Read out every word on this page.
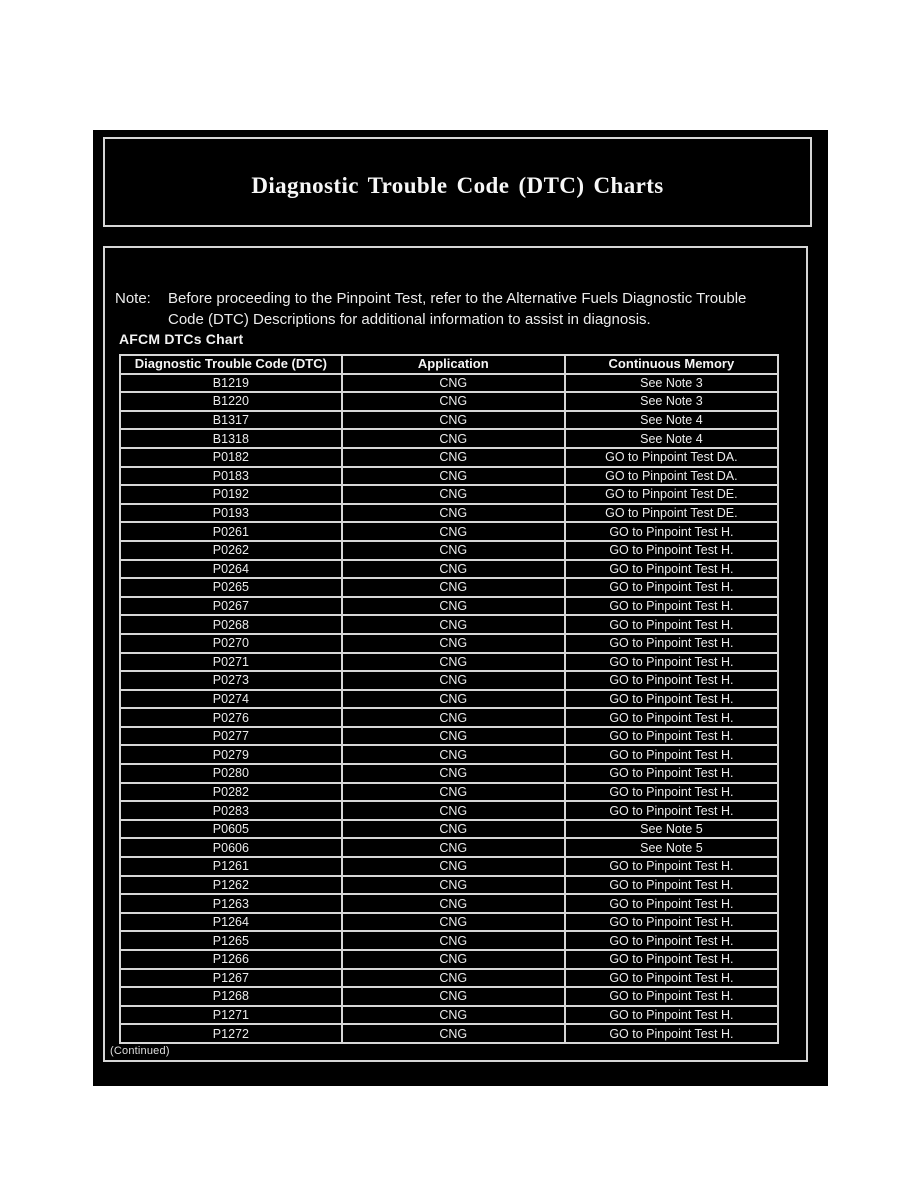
Diagnostic Trouble Code (DTC) Charts
Note:	Before proceeding to the Pinpoint Test, refer to the Alternative Fuels Diagnostic Trouble
Code (DTC) Descriptions for additional information to assist in diagnosis.
AFCM DTCs Chart
Diagnostic Trouble Code (DTC)	Application	Continuous Memory
B1219	CNG	See Note 3
B1220	CNG	See Note 3
B1317	CNG	See Note 4
B1318	CNG	See Note 4
P0182	CNG	GO to Pinpoint Test DA.
P0183	CNG	GO to Pinpoint Test DA.
P0192	CNG	GO to Pinpoint Test DE.
P0193	CNG	GO to Pinpoint Test DE.
P0261	CNG	GO to Pinpoint Test H.
P0262	CNG	GO to Pinpoint Test H.
P0264	CNG	GO to Pinpoint Test H.
P0265	CNG	GO to Pinpoint Test H.
P0267	CNG	GO to Pinpoint Test H.
P0268	CNG	GO to Pinpoint Test H.
P0270	CNG	GO to Pinpoint Test H.
P0271	CNG	GO to Pinpoint Test H.
P0273	CNG	GO to Pinpoint Test H.
P0274	CNG	GO to Pinpoint Test H.
P0276	CNG	GO to Pinpoint Test H.
P0277	CNG	GO to Pinpoint Test H.
P0279	CNG	GO to Pinpoint Test H.
P0280	CNG	GO to Pinpoint Test H.
P0282	CNG	GO to Pinpoint Test H.
P0283	CNG	GO to Pinpoint Test H.
P0605	CNG	See Note 5
P0606	CNG	See Note 5
P1261	CNG	GO to Pinpoint Test H.
P1262	CNG	GO to Pinpoint Test H.
P1263	CNG	GO to Pinpoint Test H.
P1264	CNG	GO to Pinpoint Test H.
P1265	CNG	GO to Pinpoint Test H.
P1266	CNG	GO to Pinpoint Test H.
P1267	CNG	GO to Pinpoint Test H.
P1268	CNG	GO to Pinpoint Test H.
P1271	CNG	GO to Pinpoint Test H.
P1272	CNG	GO to Pinpoint Test H.
(Continued)
